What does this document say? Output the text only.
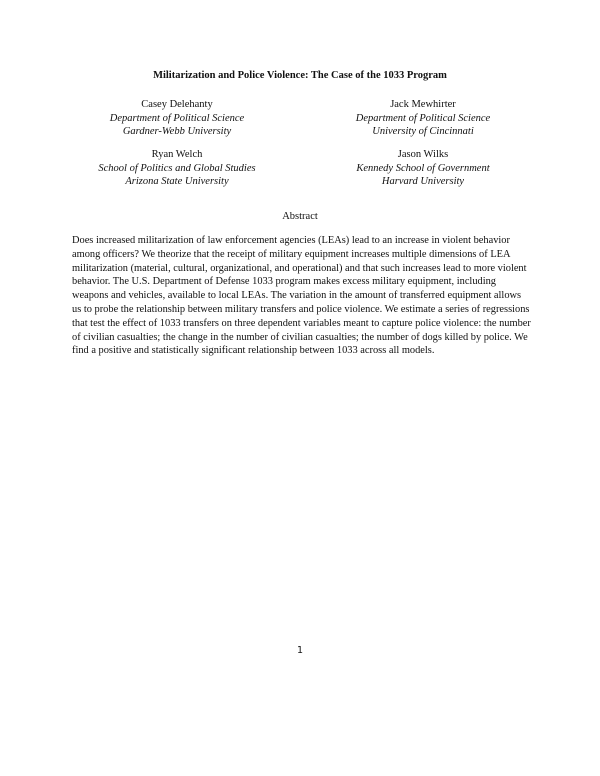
Militarization and Police Violence: The Case of the 1033 Program
Casey Delehanty
Department of Political Science
Gardner-Webb University
Jack Mewhirter
Department of Political Science
University of Cincinnati
Ryan Welch
School of Politics and Global Studies
Arizona State University
Jason Wilks
Kennedy School of Government
Harvard University
Abstract
Does increased militarization of law enforcement agencies (LEAs) lead to an increase in violent behavior among officers? We theorize that the receipt of military equipment increases multiple dimensions of LEA militarization (material, cultural, organizational, and operational) and that such increases lead to more violent behavior. The U.S. Department of Defense 1033 program makes excess military equipment, including weapons and vehicles, available to local LEAs. The variation in the amount of transferred equipment allows us to probe the relationship between military transfers and police violence. We estimate a series of regressions that test the effect of 1033 transfers on three dependent variables meant to capture police violence: the number of civilian casualties; the change in the number of civilian casualties; the number of dogs killed by police. We find a positive and statistically significant relationship between 1033 across all models.
1
